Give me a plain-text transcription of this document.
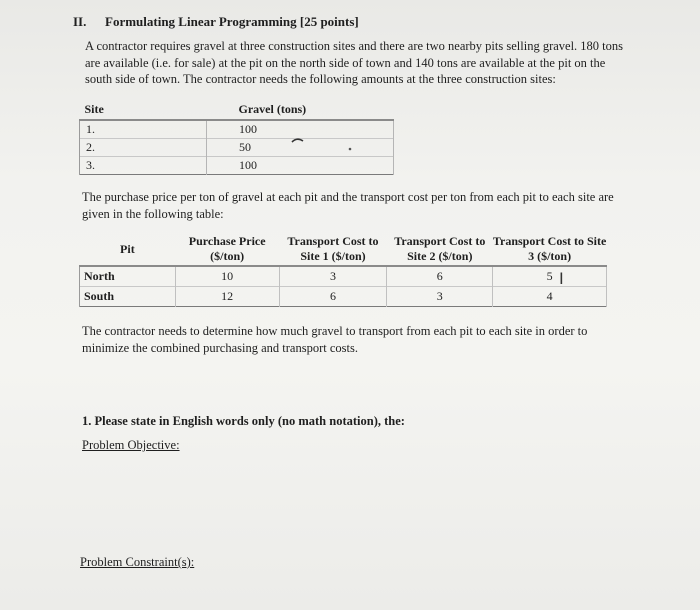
II. Formulating Linear Programming [25 points]

A contractor requires gravel at three construction sites and there are two nearby pits selling gravel. 180 tons are available (i.e. for sale) at the pit on the north side of town and 140 tons are available at the pit on the south side of town. The contractor needs the following amounts at the three construction sites:

Site	Gravel (tons)
1.	100
2.	50
3.	100

The purchase price per ton of gravel at each pit and the transport cost per ton from each pit to each site are given in the following table:

Pit	Purchase Price ($/ton)	Transport Cost to Site 1 ($/ton)	Transport Cost to Site 2 ($/ton)	Transport Cost to Site 3 ($/ton)
North	10	3	6	5
South	12	6	3	4
I

The contractor needs to determine how much gravel to transport from each pit to each site in order to minimize the combined purchasing and transport costs.

1. Please state in English words only (no math notation), the:
Problem Objective:
Problem Constraint(s):
